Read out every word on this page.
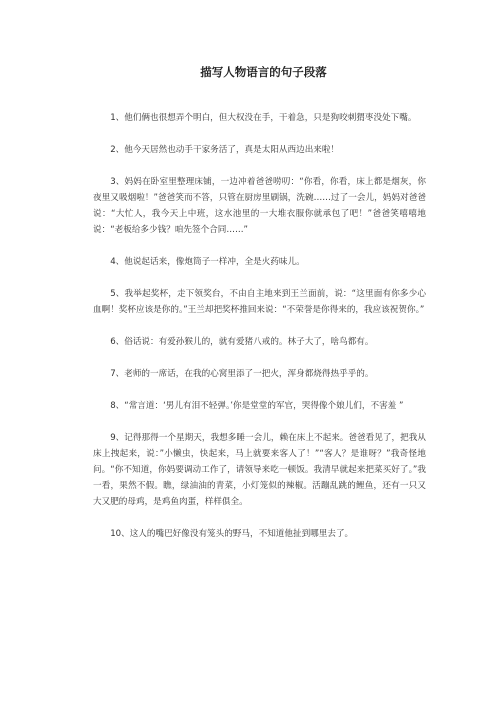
描写人物语言的句子段落

1、他们俩也很想弄个明白，但大权没在手，干着急，只是狗咬刺猬枣没处下嘴。

2、他今天居然也动手干家务活了，真是太阳从西边出来啦！

3、妈妈在卧室里整理床铺，一边冲着爸爸唠叨：“你看，你看，床上都是烟灰，你夜里又吸烟啦！”爸爸笑而不答，只管在厨房里刷锅，洗碗……过了一会儿，妈妈对爸爸说：“大忙人，我今天上中班，这水池里的一大堆衣服你就承包了吧！”爸爸笑嘻嘻地说：“老板给多少钱？咱先签个合同……”

4、他说起话来，像炮筒子一样冲，全是火药味儿。

5、我举起奖杯，走下领奖台，不由自主地来到王兰面前，说：“这里面有你多少心血啊！奖杯应该是你的。”王兰却把奖杯推回来说：“不荣誉是你得来的，我应该祝贺你。”

6、俗话说：有爱孙猴儿的，就有爱猪八戒的。林子大了，啥鸟都有。

7、老师的一席话，在我的心窝里添了一把火，浑身都烧得热乎乎的。

8、“常言道：‘男儿有泪不轻弹。’你是堂堂的军官，哭得像个娘儿们，不害羞 ”

9、记得那得一个星期天，我想多睡一会儿，赖在床上不起来。爸爸看见了，把我从床上拽起来，说：”小懒虫，快起来，马上就要来客人了！”“客人？是谁呀？”我奇怪地问。“你不知道，你妈要调动工作了，请领导来吃一顿饭。我清早就起来把菜买好了。”我一看，果然不假。瞧，绿油油的青菜，小灯笼似的辣椒。活蹦乱跳的鲤鱼，还有一只又大又肥的母鸡，是鸡鱼肉蛋，样样俱全。

10、这人的嘴巴好像没有笼头的野马，不知道他扯到哪里去了。
